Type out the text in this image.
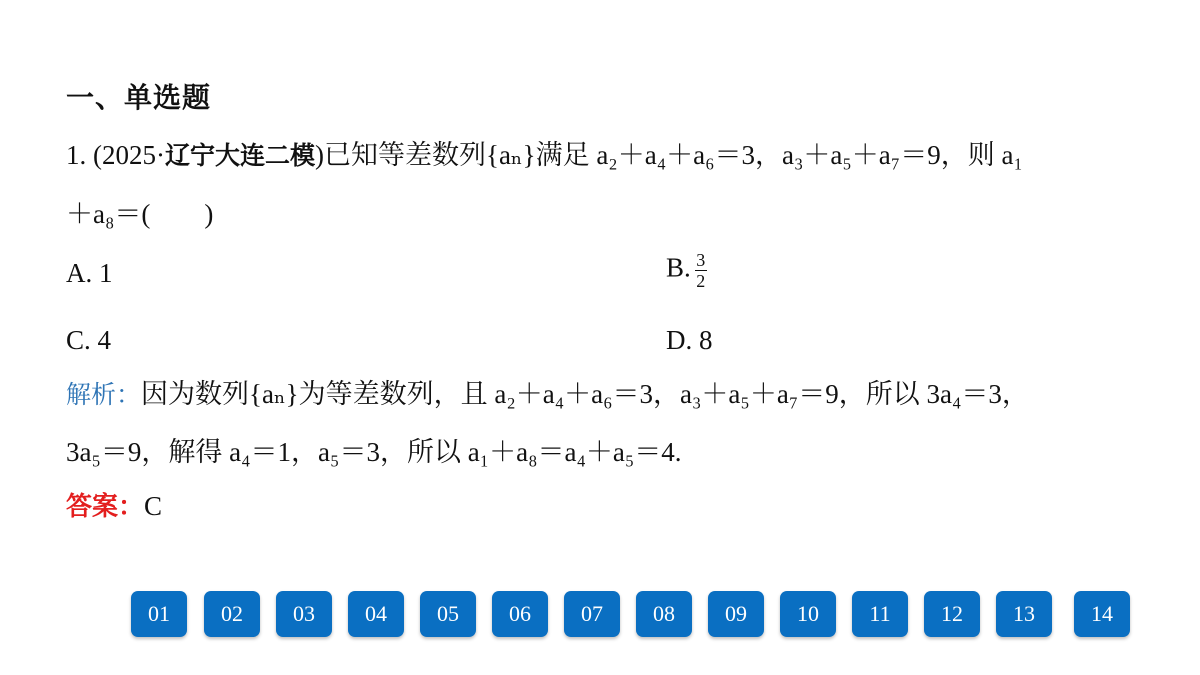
一、单选题
1. (2025·辽宁大连二模)已知等差数列{aₙ}满足 a₂＋a₄＋a₆＝3，a₃＋a₅＋a₇＝9，则 a₁
＋a₈＝(　　)
A. 1	B. $\frac{3}{2}$
C. 4	D. 8
解析：因为数列{aₙ}为等差数列，且 a₂＋a₄＋a₆＝3，a₃＋a₅＋a₇＝9，所以 3a₄＝3，
3a₅＝9，解得 a₄＝1，a₅＝3，所以 a₁＋a₈＝a₄＋a₅＝4.
答案：C
01	02	03	04	05	06	07	08	09	10	11	12	13	14
